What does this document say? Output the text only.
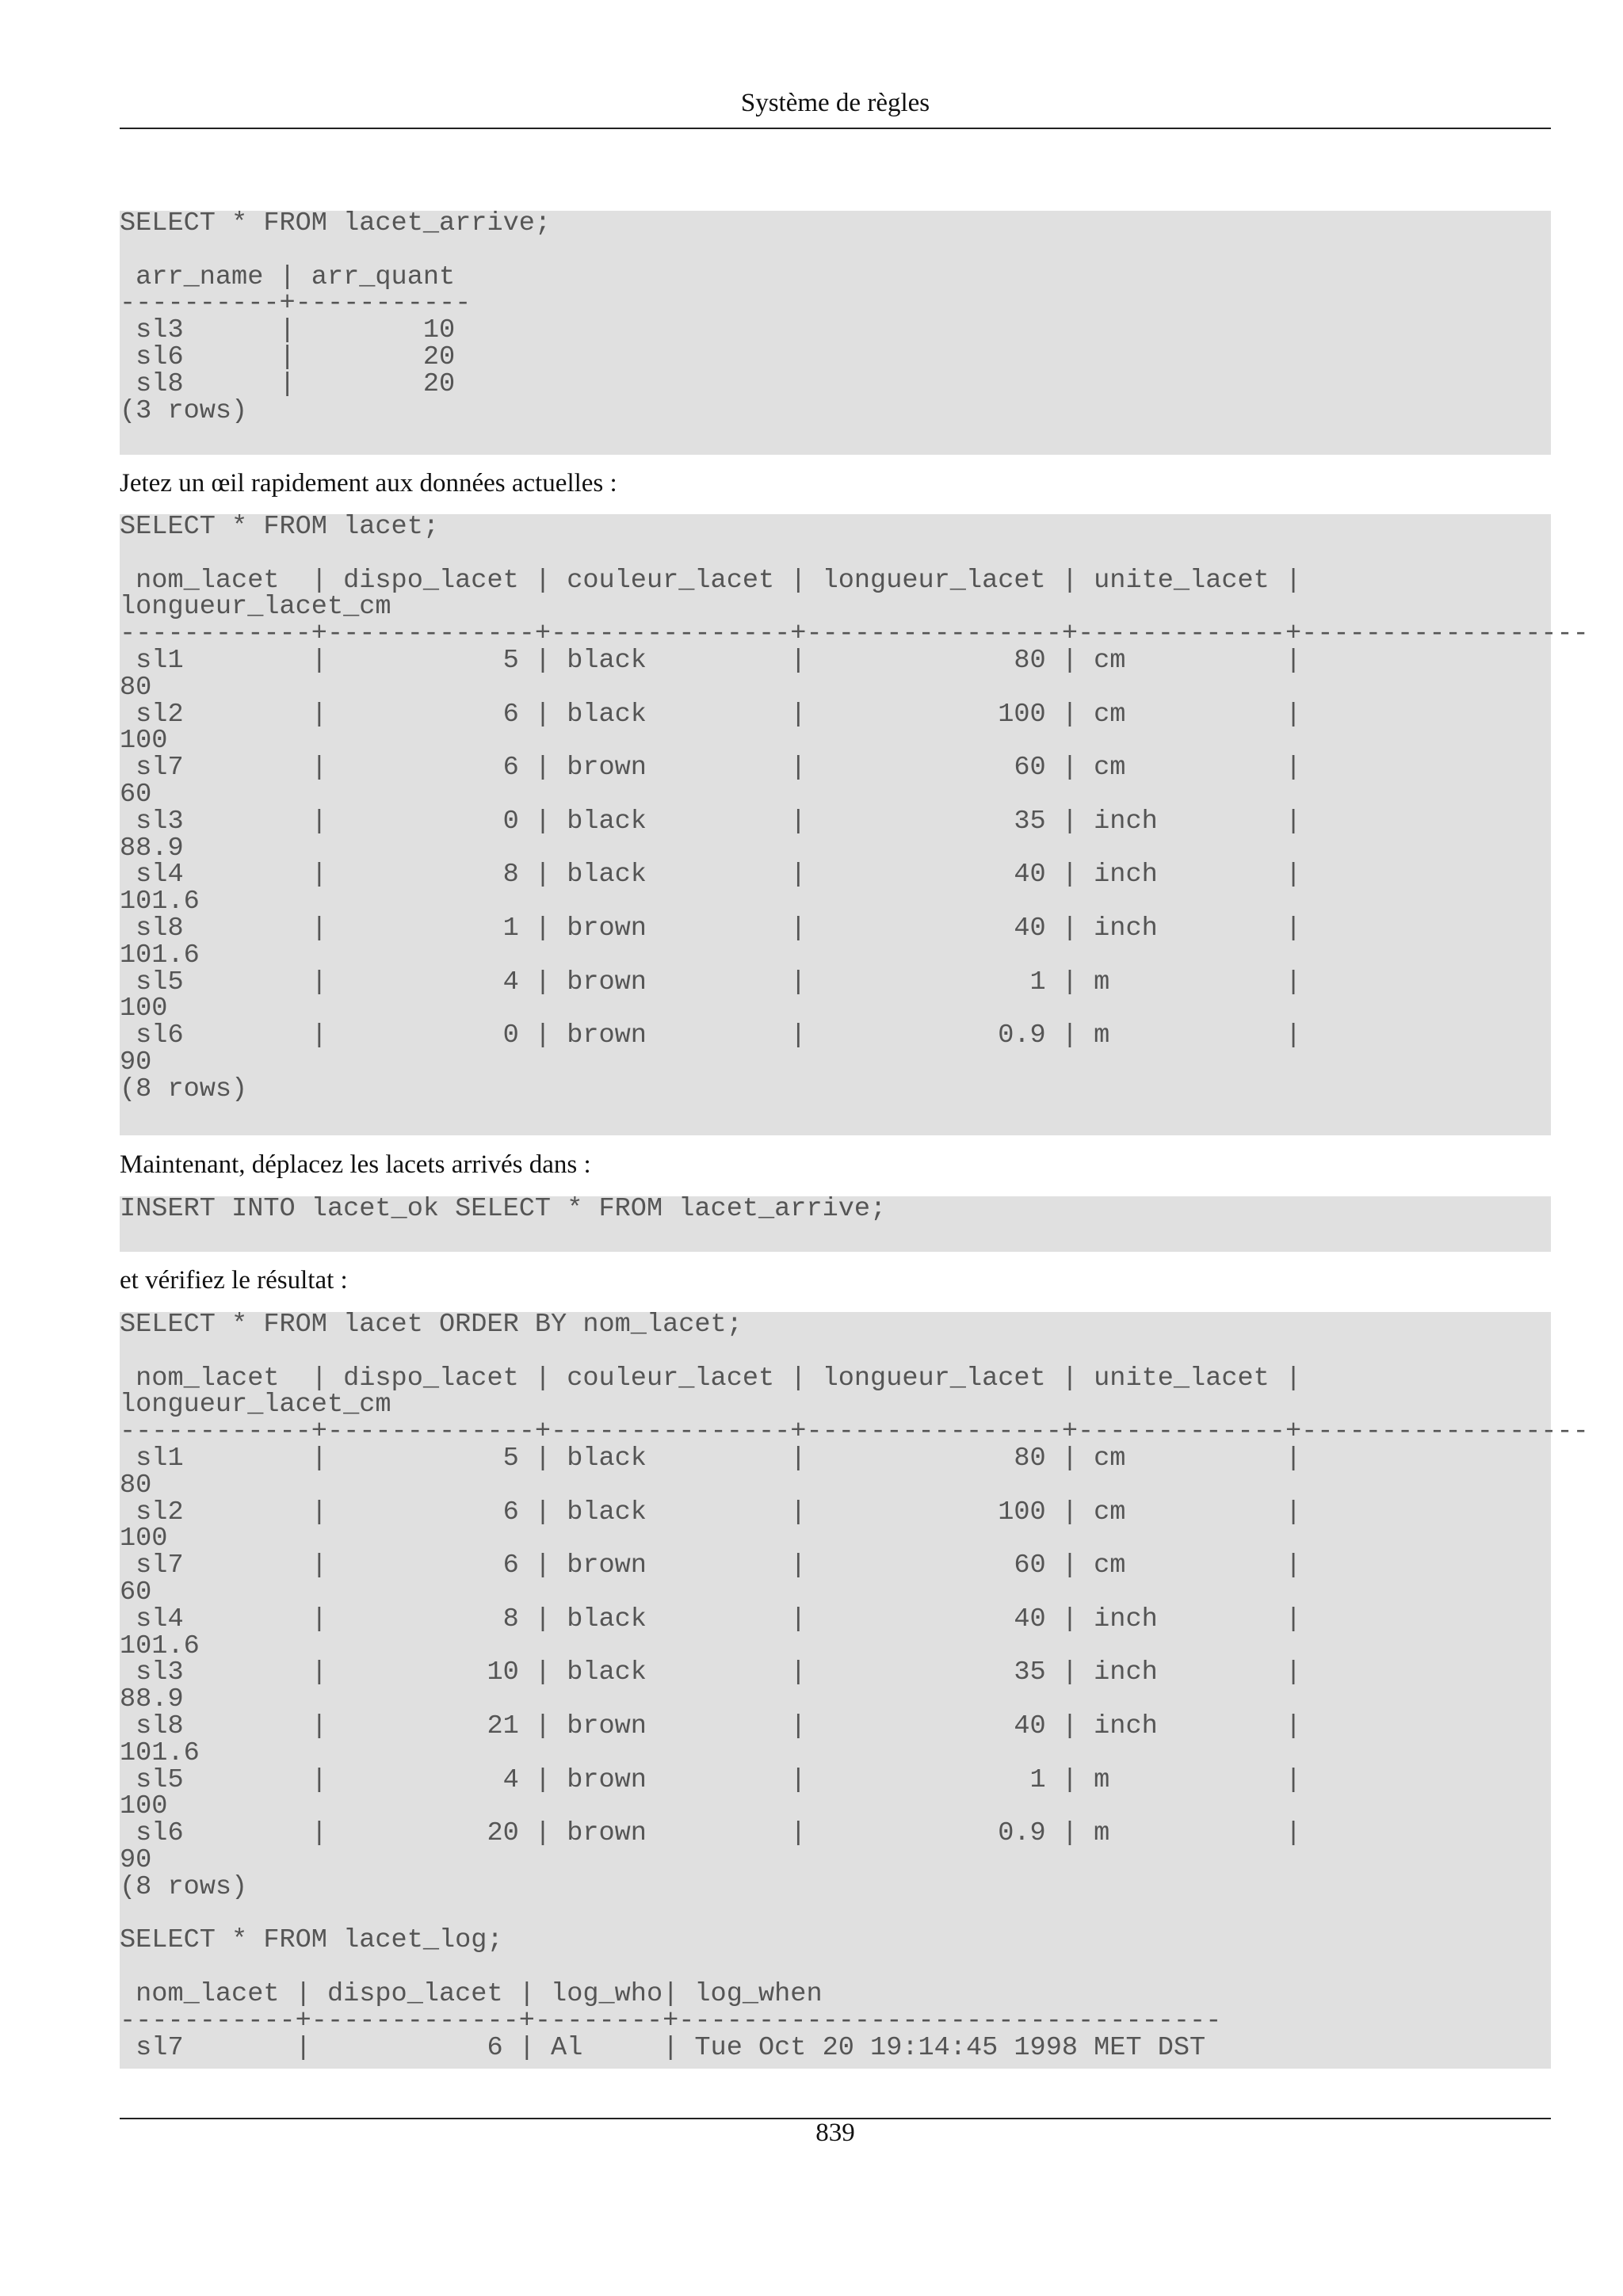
Système de règles
SELECT * FROM lacet_arrive;

arr_name | arr_quant
----------+-----------
sl3      |        10
sl6      |        20
sl8      |        20
(3 rows)
Jetez un œil rapidement aux données actuelles :
SELECT * FROM lacet;

nom_lacet  | dispo_lacet | couleur_lacet | longueur_lacet | unite_lacet |
longueur_lacet_cm
------------+-------------+---------------+----------------+-------------+------------------
sl1        |           5 | black         |             80 | cm          |
80
sl2        |           6 | black         |            100 | cm          |
100
sl7        |           6 | brown         |             60 | cm          |
60
sl3        |           0 | black         |             35 | inch        |
88.9
sl4        |           8 | black         |             40 | inch        |
101.6
sl8        |           1 | brown         |             40 | inch        |
101.6
sl5        |           4 | brown         |              1 | m           |
100
sl6        |           0 | brown         |            0.9 | m           |
90
(8 rows)
Maintenant, déplacez les lacets arrivés dans :
INSERT INTO lacet_ok SELECT * FROM lacet_arrive;
et vérifiez le résultat :
SELECT * FROM lacet ORDER BY nom_lacet;

nom_lacet  | dispo_lacet | couleur_lacet | longueur_lacet | unite_lacet |
longueur_lacet_cm
------------+-------------+---------------+----------------+-------------+------------------
sl1        |           5 | black         |             80 | cm          |
80
sl2        |           6 | black         |            100 | cm          |
100
sl7        |           6 | brown         |             60 | cm          |
60
sl4        |           8 | black         |             40 | inch        |
101.6
sl3        |          10 | black         |             35 | inch        |
88.9
sl8        |          21 | brown         |             40 | inch        |
101.6
sl5        |           4 | brown         |              1 | m           |
100
sl6        |          20 | brown         |            0.9 | m           |
90
(8 rows)

SELECT * FROM lacet_log;

nom_lacet | dispo_lacet | log_who| log_when
-----------+-------------+--------+----------------------------------
sl7       |           6 | Al     | Tue Oct 20 19:14:45 1998 MET DST
839
